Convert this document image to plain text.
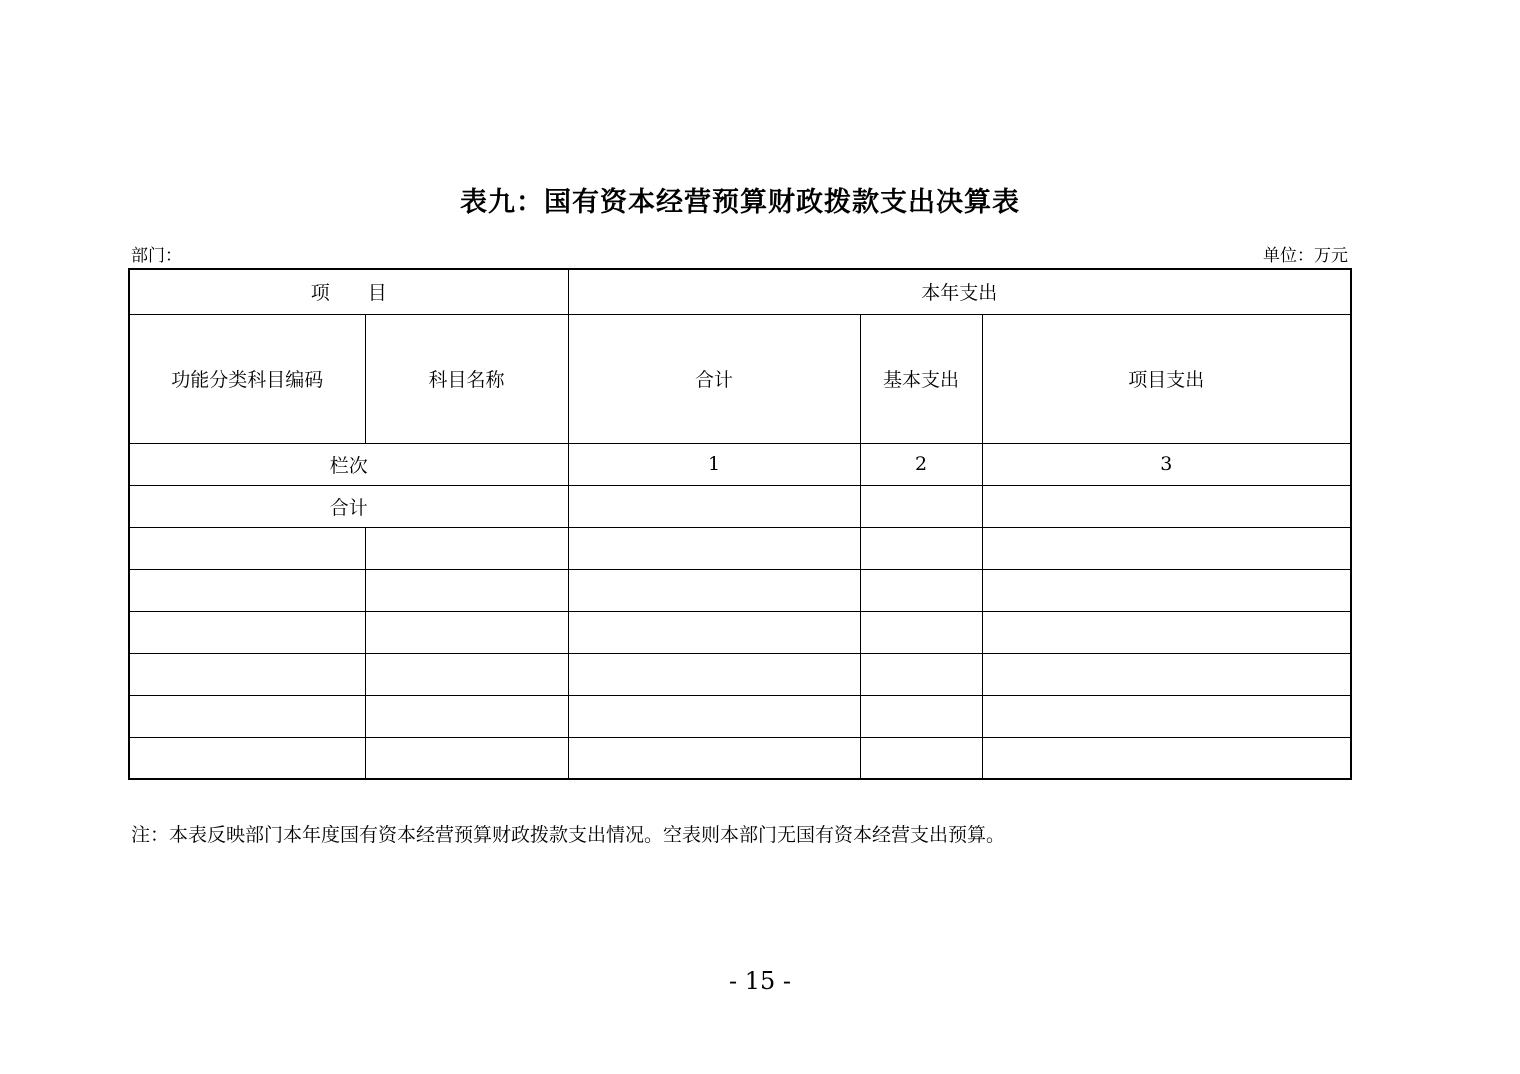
表九：国有资本经营预算财政拨款支出决算表
部门：	单位：万元
项　　目		本年支出		
功能分类科目编码	科目名称	合计	基本支出	项目支出
栏次		1	2	3
合计				

注：本表反映部门本年度国有资本经营预算财政拨款支出情况。空表则本部门无国有资本经营支出预算。
- 15 -
